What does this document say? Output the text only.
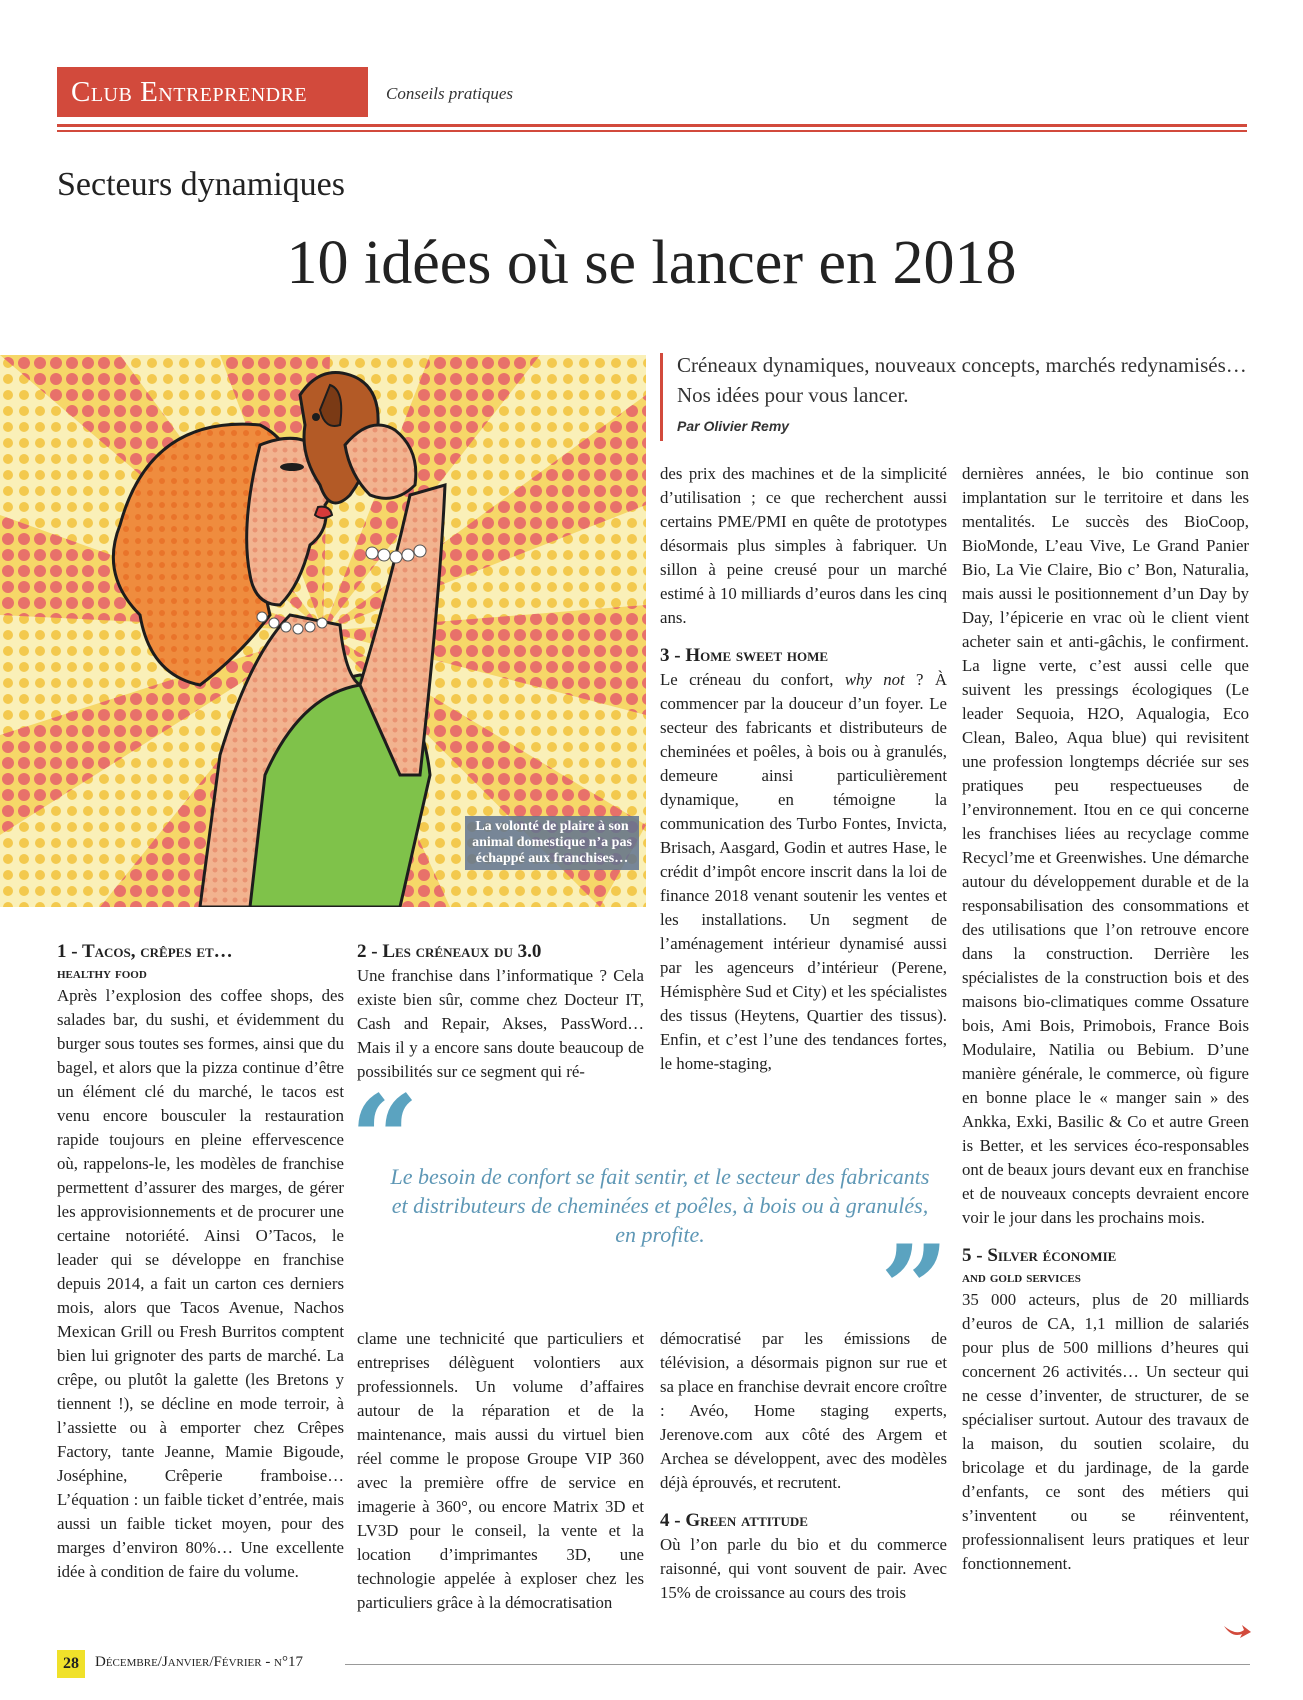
Club Entreprendre	Conseils pratiques
Secteurs dynamiques
10 idées où se lancer en 2018
La volonté de plaire à son animal domestique n’a pas échappé aux franchises…
Créneaux dynamiques, nouveaux concepts, marchés redynamisés… Nos idées pour vous lancer.
Par Olivier Remy
1 - Tacos, crêpes et…
healthy food
Après l’explosion des coffee shops, des salades bar, du sushi, et évidemment du burger sous toutes ses formes, ainsi que du bagel, et alors que la pizza continue d’être un élément clé du marché, le tacos est venu encore bousculer la restauration rapide toujours en pleine effervescence où, rappelons-le, les modèles de franchise permettent d’assurer des marges, de gérer les approvisionnements et de procurer une certaine notoriété. Ainsi O’Tacos, le leader qui se développe en franchise depuis 2014, a fait un carton ces derniers mois, alors que Tacos Avenue, Nachos Mexican Grill ou Fresh Burritos comptent bien lui grignoter des parts de marché. La crêpe, ou plutôt la galette (les Bretons y tiennent !), se décline en mode terroir, à l’assiette ou à emporter chez Crêpes Factory, tante Jeanne, Mamie Bigoude, Joséphine, Crêperie framboise… L’équation : un faible ticket d’entrée, mais aussi un faible ticket moyen, pour des marges d’environ 80%… Une excellente idée à condition de faire du volume.
2 - Les créneaux du 3.0
Une franchise dans l’informatique ? Cela existe bien sûr, comme chez Docteur IT, Cash and Repair, Akses, PassWord… Mais il y a encore sans doute beaucoup de possibilités sur ce segment qui ré-
clame une technicité que particuliers et entreprises délèguent volontiers aux professionnels. Un volume d’affaires autour de la réparation et de la maintenance, mais aussi du virtuel bien réel comme le propose Groupe VIP 360 avec la première offre de service en imagerie à 360°, ou encore Matrix 3D et LV3D pour le conseil, la vente et la location d’imprimantes 3D, une technologie appelée à exploser chez les particuliers grâce à la démocratisation
des prix des machines et de la simplicité d’utilisation ; ce que recherchent aussi certains PME/PMI en quête de prototypes désormais plus simples à fabriquer. Un sillon à peine creusé pour un marché estimé à 10 milliards d’euros dans les cinq ans.
3 - Home sweet home
Le créneau du confort, why not ? À commencer par la douceur d’un foyer. Le secteur des fabricants et distributeurs de cheminées et poêles, à bois ou à granulés, demeure ainsi particulièrement dynamique, en témoigne la communication des Turbo Fontes, Invicta, Brisach, Aasgard, Godin et autres Hase, le crédit d’impôt encore inscrit dans la loi de finance 2018 venant soutenir les ventes et les installations. Un segment de l’aménagement intérieur dynamisé aussi par les agenceurs d’intérieur (Perene, Hémisphère Sud et City) et les spécialistes des tissus (Heytens, Quartier des tissus). Enfin, et c’est l’une des tendances fortes, le home-staging,
démocratisé par les émissions de télévision, a désormais pignon sur rue et sa place en franchise devrait encore croître : Avéo, Home staging experts, Jerenove.com aux côté des Argem et Archea se développent, avec des modèles déjà éprouvés, et recrutent.
4 - Green attitude
Où l’on parle du bio et du commerce raisonné, qui vont souvent de pair. Avec 15% de croissance au cours des trois
dernières années, le bio continue son implantation sur le territoire et dans les mentalités. Le succès des BioCoop, BioMonde, L’eau Vive, Le Grand Panier Bio, La Vie Claire, Bio c’ Bon, Naturalia, mais aussi le positionnement d’un Day by Day, l’épicerie en vrac où le client vient acheter sain et anti-gâchis, le confirment. La ligne verte, c’est aussi celle que suivent les pressings écologiques (Le leader Sequoia, H2O, Aqualogia, Eco Clean, Baleo, Aqua blue) qui revisitent une profession longtemps décriée sur ses pratiques peu respectueuses de l’environnement. Itou en ce qui concerne les franchises liées au recyclage comme Recycl’me et Greenwishes. Une démarche autour du développement durable et de la responsabilisation des consommations et des utilisations que l’on retrouve encore dans la construction. Derrière les spécialistes de la construction bois et des maisons bio-climatiques comme Ossature bois, Ami Bois, Primobois, France Bois Modulaire, Natilia ou Bebium. D’une manière générale, le commerce, où figure en bonne place le « manger sain » des Ankka, Exki, Basilic & Co et autre Green is Better, et les services éco-responsables ont de beaux jours devant eux en franchise et de nouveaux concepts devraient encore voir le jour dans les prochains mois.
5 - Silver économie
and gold services
35 000 acteurs, plus de 20 milliards d’euros de CA, 1,1 million de salariés pour plus de 500 millions d’heures qui concernent 26 activités… Un secteur qui ne cesse d’inventer, de structurer, de se spécialiser surtout. Autour des travaux de la maison, du soutien scolaire, du bricolage et du jardinage, de la garde d’enfants, ce sont des métiers qui s’inventent ou se réinventent, professionnalisent leurs pratiques et leur fonctionnement.
“
Le besoin de confort se fait sentir, et le secteur des fabricants et distributeurs de cheminées et poêles, à bois ou à granulés, en profite.	”
28	Décembre/Janvier/Février - n°17
